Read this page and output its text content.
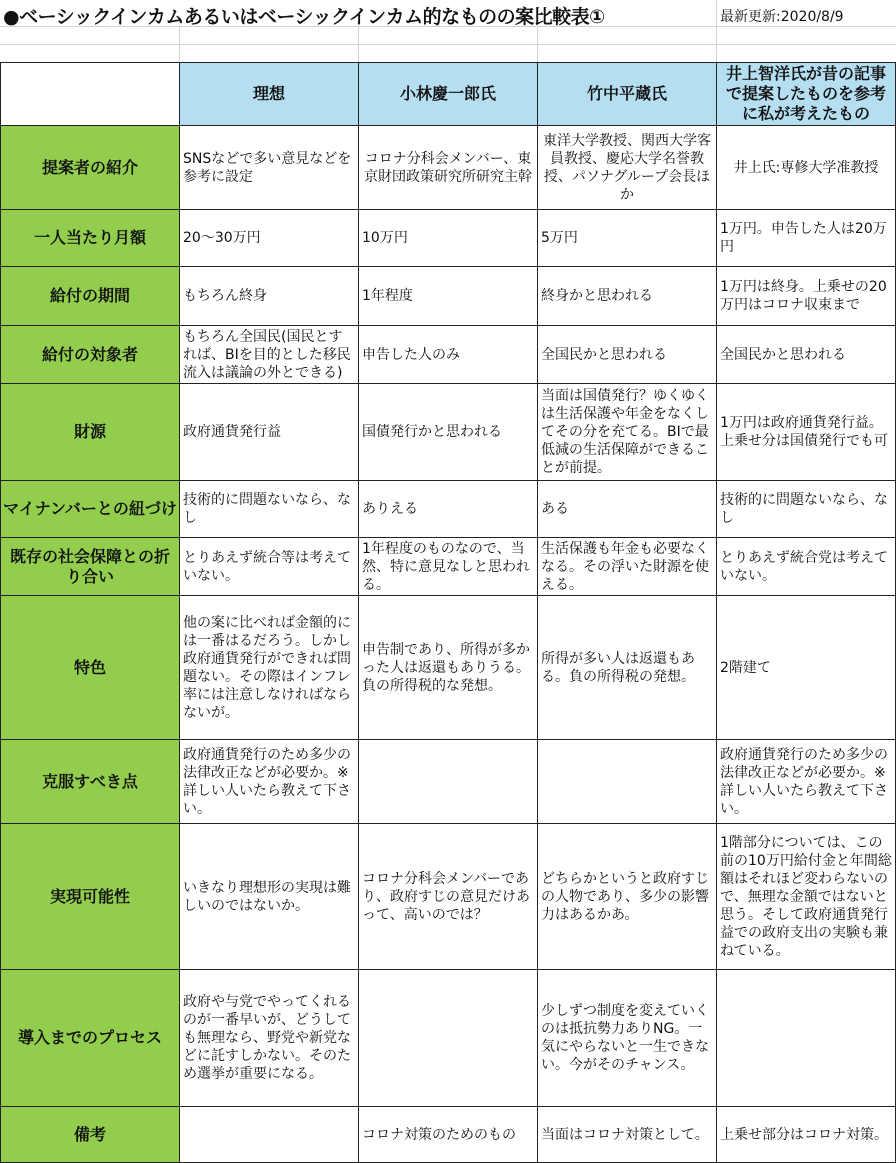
●ベーシックインカムあるいはベーシックインカム的なものの案比較表①	最新更新:2020/8/9
	理想	小林慶一郎氏	竹中平蔵氏	井上智洋氏が昔の記事で提案したものを参考に私が考えたもの
提案者の紹介	SNSなどで多い意見などを参考に設定	コロナ分科会メンバー、東京財団政策研究所研究主幹	東洋大学教授、関西大学客員教授、慶応大学名誉教授、パソナグループ会長ほか	井上氏:専修大学准教授
一人当たり月額	20〜30万円	10万円	5万円	1万円。申告した人は20万円
給付の期間	もちろん終身	1年程度	終身かと思われる	1万円は終身。上乗せの20万円はコロナ収束まで
給付の対象者	もちろん全国民(国民とすれば、BIを目的とした移民流入は議論の外とできる)	申告した人のみ	全国民かと思われる	全国民かと思われる
財源	政府通貨発行益	国債発行かと思われる	当面は国債発行？ゆくゆくは生活保護や年金をなくしてその分を充てる。BIで最低減の生活保障ができることが前提。	1万円は政府通貨発行益。上乗せ分は国債発行でも可
マイナンバーとの紐づけ	技術的に問題ないなら、なし	ありえる	ある	技術的に問題ないなら、なし
既存の社会保障との折り合い	とりあえず統合等は考えていない。	1年程度のものなので、当然、特に意見なしと思われる。	生活保護も年金も必要なくなる。その浮いた財源を使える。	とりあえず統合党は考えていない。
特色	他の案に比べれば金額的には一番はるだろう。しかし政府通貨発行ができれば問題ない。その際はインフレ率には注意しなければならないが。	申告制であり、所得が多かった人は返還もありうる。負の所得税的な発想。	所得が多い人は返還もある。負の所得税の発想。	2階建て
克服すべき点	政府通貨発行のため多少の法律改正などが必要か。※詳しい人いたら教えて下さい。			政府通貨発行のため多少の法律改正などが必要か。※詳しい人いたら教えて下さい。
実現可能性	いきなり理想形の実現は難しいのではないか。	コロナ分科会メンバーであり、政府すじの意見だけあって、高いのでは？	どちらかというと政府すじの人物であり、多少の影響力はあるかあ。	1階部分については、この前の10万円給付金と年間総額はそれほど変わらないので、無理な金額ではないと思う。そして政府通貨発行益での政府支出の実験も兼ねている。
導入までのプロセス	政府や与党でやってくれるのが一番早いが、どうしても無理なら、野党や新党などに託すしかない。そのため選挙が重要になる。		少しずつ制度を変えていくのは抵抗勢力ありNG。一気にやらないと一生できない。今がそのチャンス。	
備考		コロナ対策のためのもの	当面はコロナ対策として。	上乗せ部分はコロナ対策。
